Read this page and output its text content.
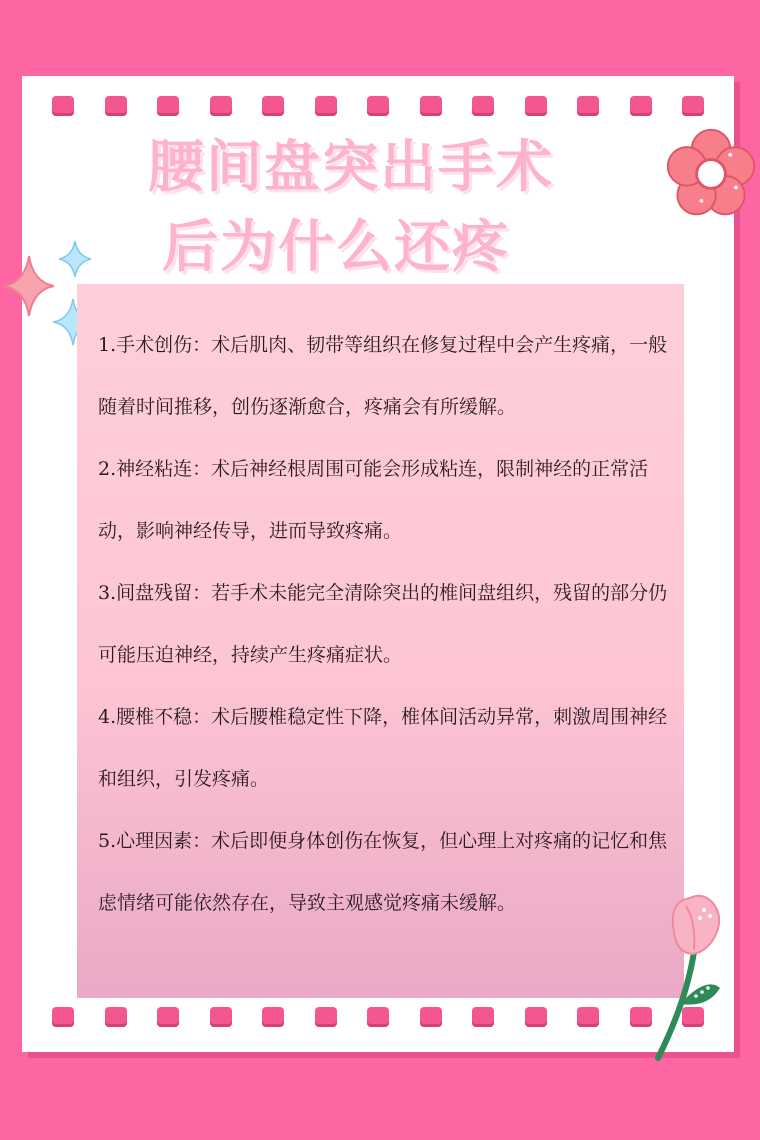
腰间盘突出手术
后为什么还疼

1.手术创伤：术后肌肉、韧带等组织在修复过程中会产生疼痛，一般随着时间推移，创伤逐渐愈合，疼痛会有所缓解。

2.神经粘连：术后神经根周围可能会形成粘连，限制神经的正常活动，影响神经传导，进而导致疼痛。

3.间盘残留：若手术未能完全清除突出的椎间盘组织，残留的部分仍可能压迫神经，持续产生疼痛症状。

4.腰椎不稳：术后腰椎稳定性下降，椎体间活动异常，刺激周围神经和组织，引发疼痛。

5.心理因素：术后即便身体创伤在恢复，但心理上对疼痛的记忆和焦虑情绪可能依然存在，导致主观感觉疼痛未缓解。
